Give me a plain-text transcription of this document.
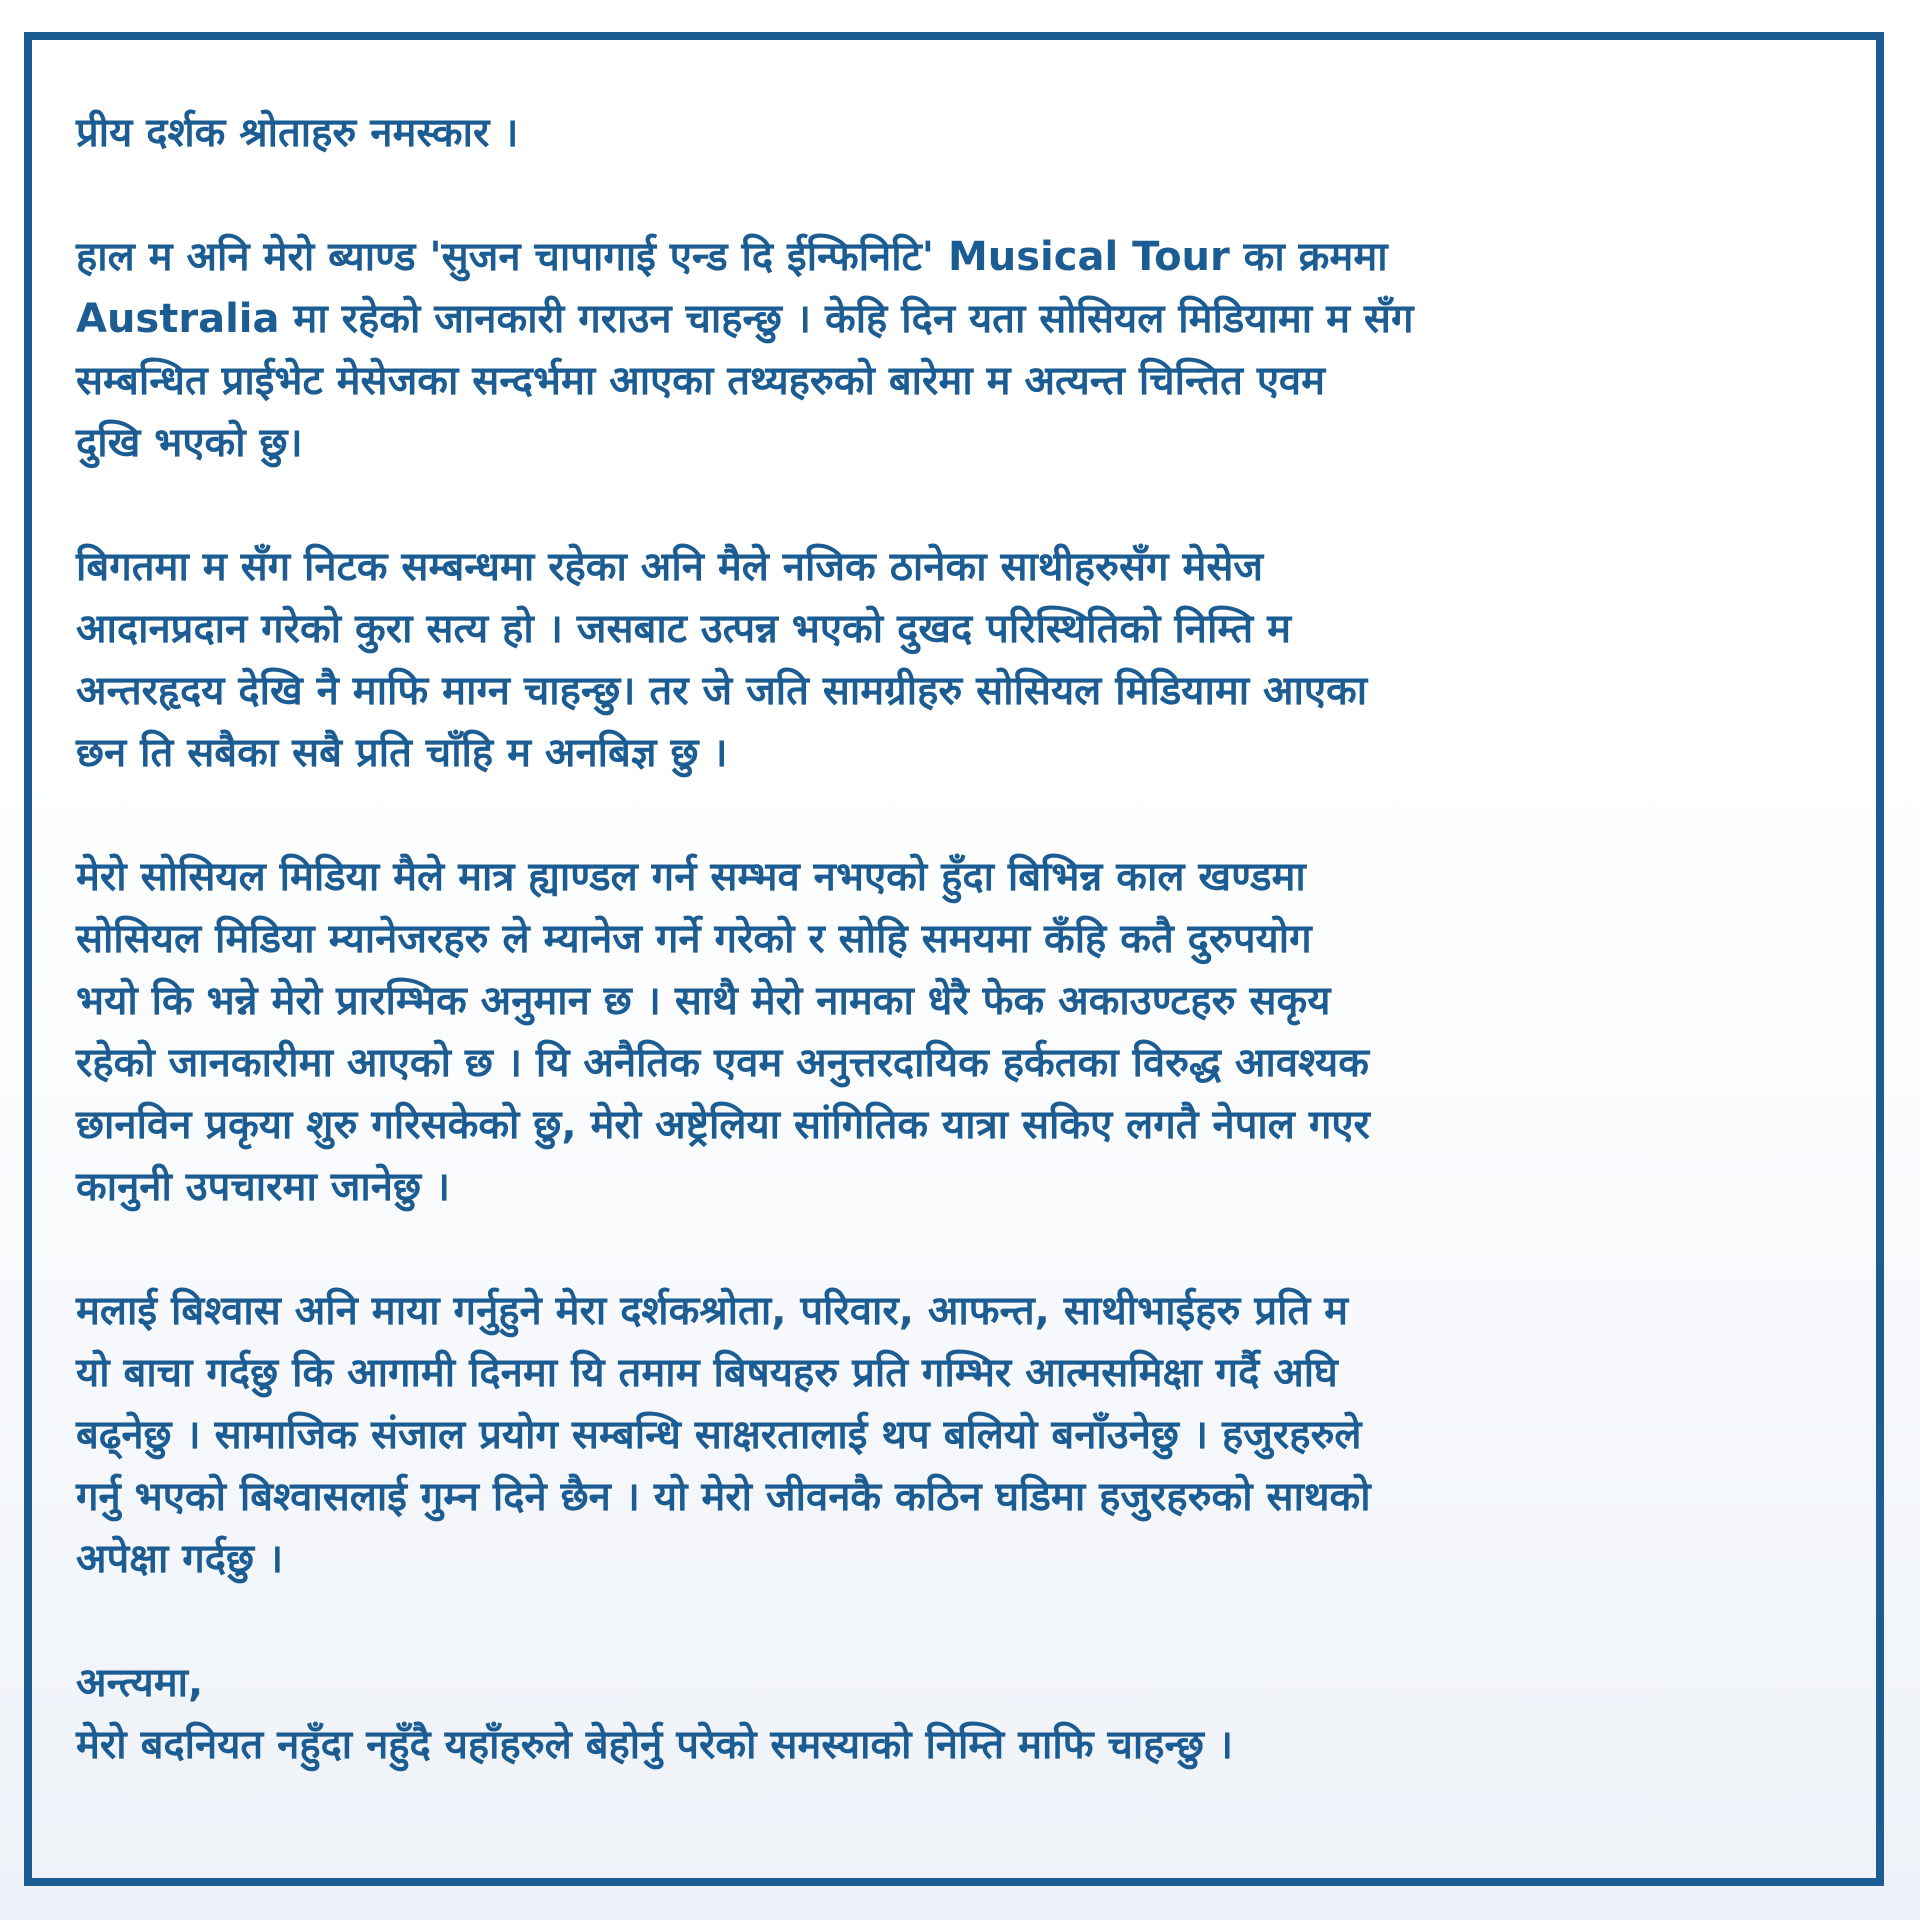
प्रीय दर्शक श्रोताहरु नमस्कार ।

हाल म अनि मेरो ब्याण्ड 'सुजन चापागाई एन्ड दि ईन्फिनिटि' Musical Tour का क्रममा
Australia मा रहेको जानकारी गराउन चाहन्छु । केहि दिन यता सोसियल मिडियामा म सँग
सम्बन्धित प्राईभेट मेसेजका सन्दर्भमा आएका तथ्यहरुको बारेमा म अत्यन्त चिन्तित एवम
दुखि भएको छु।

बिगतमा म सँग निटक सम्बन्धमा रहेका अनि मैले नजिक ठानेका साथीहरुसँग मेसेज
आदानप्रदान गरेको कुरा सत्य हो । जसबाट उत्पन्न भएको दुखद परिस्थितिको निम्ति म
अन्तरहृदय देखि नै माफि माग्न चाहन्छु। तर जे जति सामग्रीहरु सोसियल मिडियामा आएका
छन ति सबैका सबै प्रति चाँहि म अनबिज्ञ छु ।

मेरो सोसियल मिडिया मैले मात्र ह्याण्डल गर्न सम्भव नभएको हुँदा बिभिन्न काल खण्डमा
सोसियल मिडिया म्यानेजरहरु ले म्यानेज गर्ने गरेको र सोहि समयमा कँहि कतै दुरुपयोग
भयो कि भन्ने मेरो प्रारम्भिक अनुमान छ । साथै मेरो नामका धेरै फेक अकाउण्टहरु सकृय
रहेको जानकारीमा आएको छ । यि अनैतिक एवम अनुत्तरदायिक हर्कतका विरुद्ध आवश्यक
छानविन प्रकृया शुरु गरिसकेको छु, मेरो अष्ट्रेलिया सांगितिक यात्रा सकिए लगतै नेपाल गएर
कानुनी उपचारमा जानेछु ।

मलाई बिश्वास अनि माया गर्नुहुने मेरा दर्शकश्रोता, परिवार, आफन्त, साथीभाईहरु प्रति म
यो बाचा गर्दछु कि आगामी दिनमा यि तमाम बिषयहरु प्रति गम्भिर आत्मसमिक्षा गर्दै अघि
बढ्नेछु । सामाजिक संजाल प्रयोग सम्बन्धि साक्षरतालाई थप बलियो बनाँउनेछु । हजुरहरुले
गर्नु भएको बिश्वासलाई गुम्न दिने छैन । यो मेरो जीवनकै कठिन घडिमा हजुरहरुको साथको
अपेक्षा गर्दछु ।

अन्त्यमा,
मेरो बदनियत नहुँदा नहुँदै यहाँहरुले बेहोर्नु परेको समस्याको निम्ति माफि चाहन्छु ।
